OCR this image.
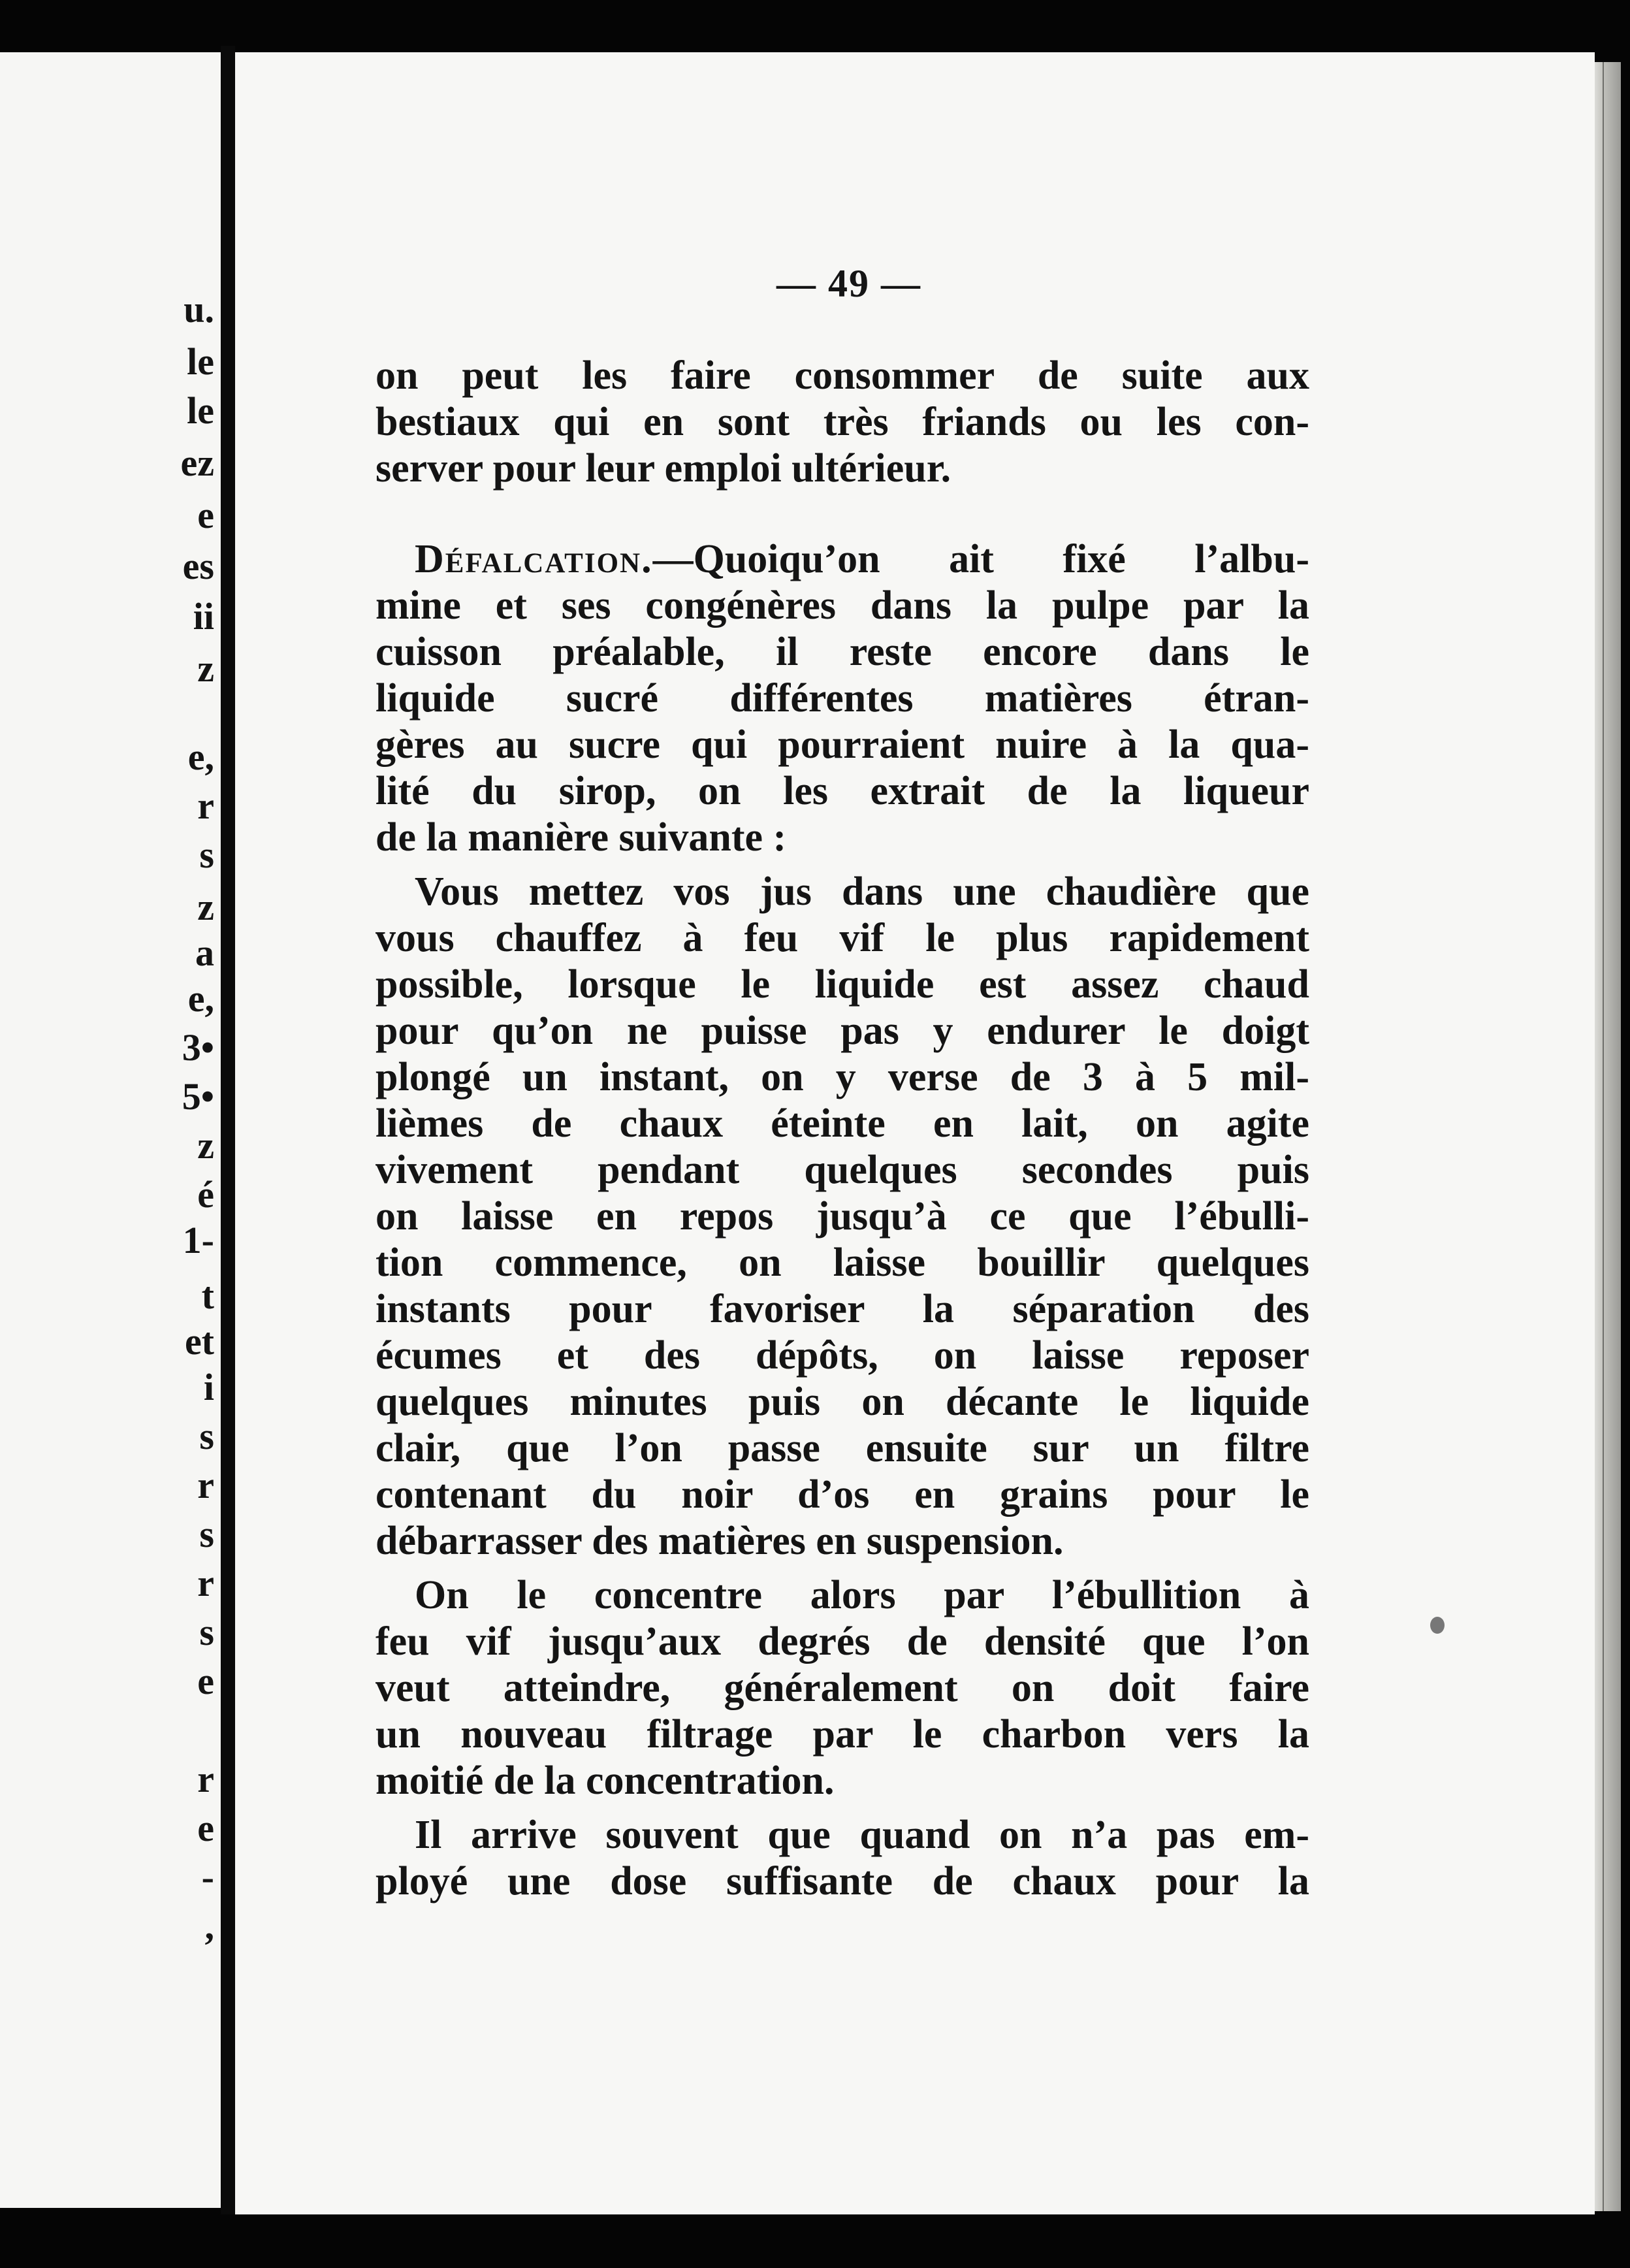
u.
le
le
ez
e
es
ii
z
e,
r
s
z
a
e,
3•
5•
z
é
1-
t
et
i
s
r
s
r
s
e
r
e
-
,
— 49 —
on peut les faire consommer de suite aux
bestiaux qui en sont très friands ou les con-
server pour leur emploi ultérieur.
Défalcation.—Quoiqu’on ait fixé l’albu-
mine et ses congénères dans la pulpe par la
cuisson préalable, il reste encore dans le
liquide sucré différentes matières étran-
gères au sucre qui pourraient nuire à la qua-
lité du sirop, on les extrait de la liqueur
de la manière suivante :
Vous mettez vos jus dans une chaudière que
vous chauffez à feu vif le plus rapidement
possible, lorsque le liquide est assez chaud
pour qu’on ne puisse pas y endurer le doigt
plongé un instant, on y verse de 3 à 5 mil-
lièmes de chaux éteinte en lait, on agite
vivement pendant quelques secondes puis
on laisse en repos jusqu’à ce que l’ébulli-
tion commence, on laisse bouillir quelques
instants pour favoriser la séparation des
écumes et des dépôts, on laisse reposer
quelques minutes puis on décante le liquide
clair, que l’on passe ensuite sur un filtre
contenant du noir d’os en grains pour le
débarrasser des matières en suspension.
On le concentre alors par l’ébullition à
feu vif jusqu’aux degrés de densité que l’on
veut atteindre, généralement on doit faire
un nouveau filtrage par le charbon vers la
moitié de la concentration.
Il arrive souvent que quand on n’a pas em-
ployé une dose suffisante de chaux pour la
